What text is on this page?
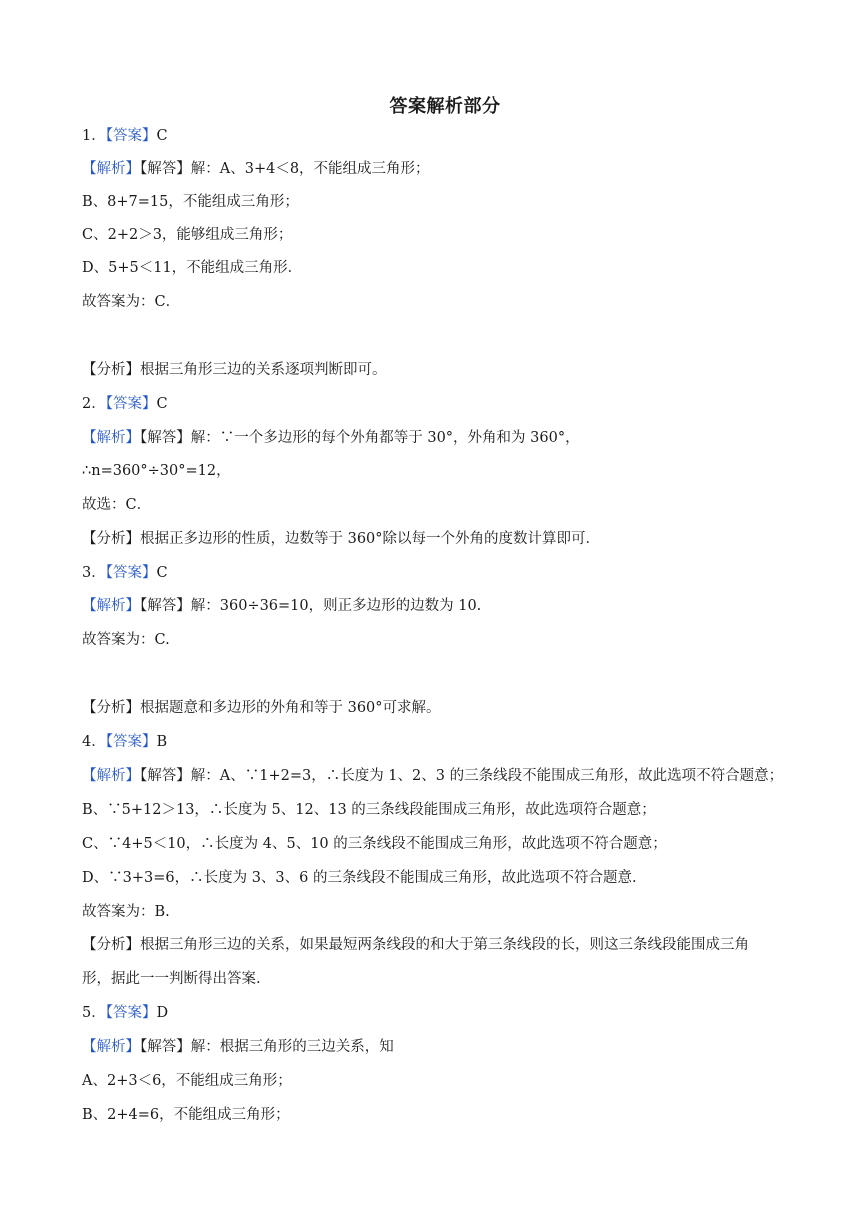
答案解析部分
1．【答案】C
【解析】【解答】解：A、3+4＜8，不能组成三角形；
B、8+7=15，不能组成三角形；
C、2+2＞3，能够组成三角形；
D、5+5＜11，不能组成三角形．
故答案为：C．
【分析】根据三角形三边的关系逐项判断即可。
2．【答案】C
【解析】【解答】解：∵一个多边形的每个外角都等于 30°，外角和为 360°，
∴n=360°÷30°=12，
故选：C．
【分析】根据正多边形的性质，边数等于 360°除以每一个外角的度数计算即可．
3．【答案】C
【解析】【解答】解：360÷36=10，则正多边形的边数为 10.
故答案为：C.
【分析】根据题意和多边形的外角和等于 360°可求解。
4．【答案】B
【解析】【解答】解：A、∵1+2=3，∴长度为 1、2、3 的三条线段不能围成三角形，故此选项不符合题意；
B、∵5+12＞13，∴长度为 5、12、13 的三条线段能围成三角形，故此选项符合题意；
C、∵4+5＜10，∴长度为 4、5、10 的三条线段不能围成三角形，故此选项不符合题意；
D、∵3+3=6，∴长度为 3、3、6 的三条线段不能围成三角形，故此选项不符合题意.
故答案为：B.
【分析】根据三角形三边的关系，如果最短两条线段的和大于第三条线段的长，则这三条线段能围成三角
形，据此一一判断得出答案.
5．【答案】D
【解析】【解答】解：根据三角形的三边关系，知
A、2+3＜6，不能组成三角形；
B、2+4=6，不能组成三角形；
